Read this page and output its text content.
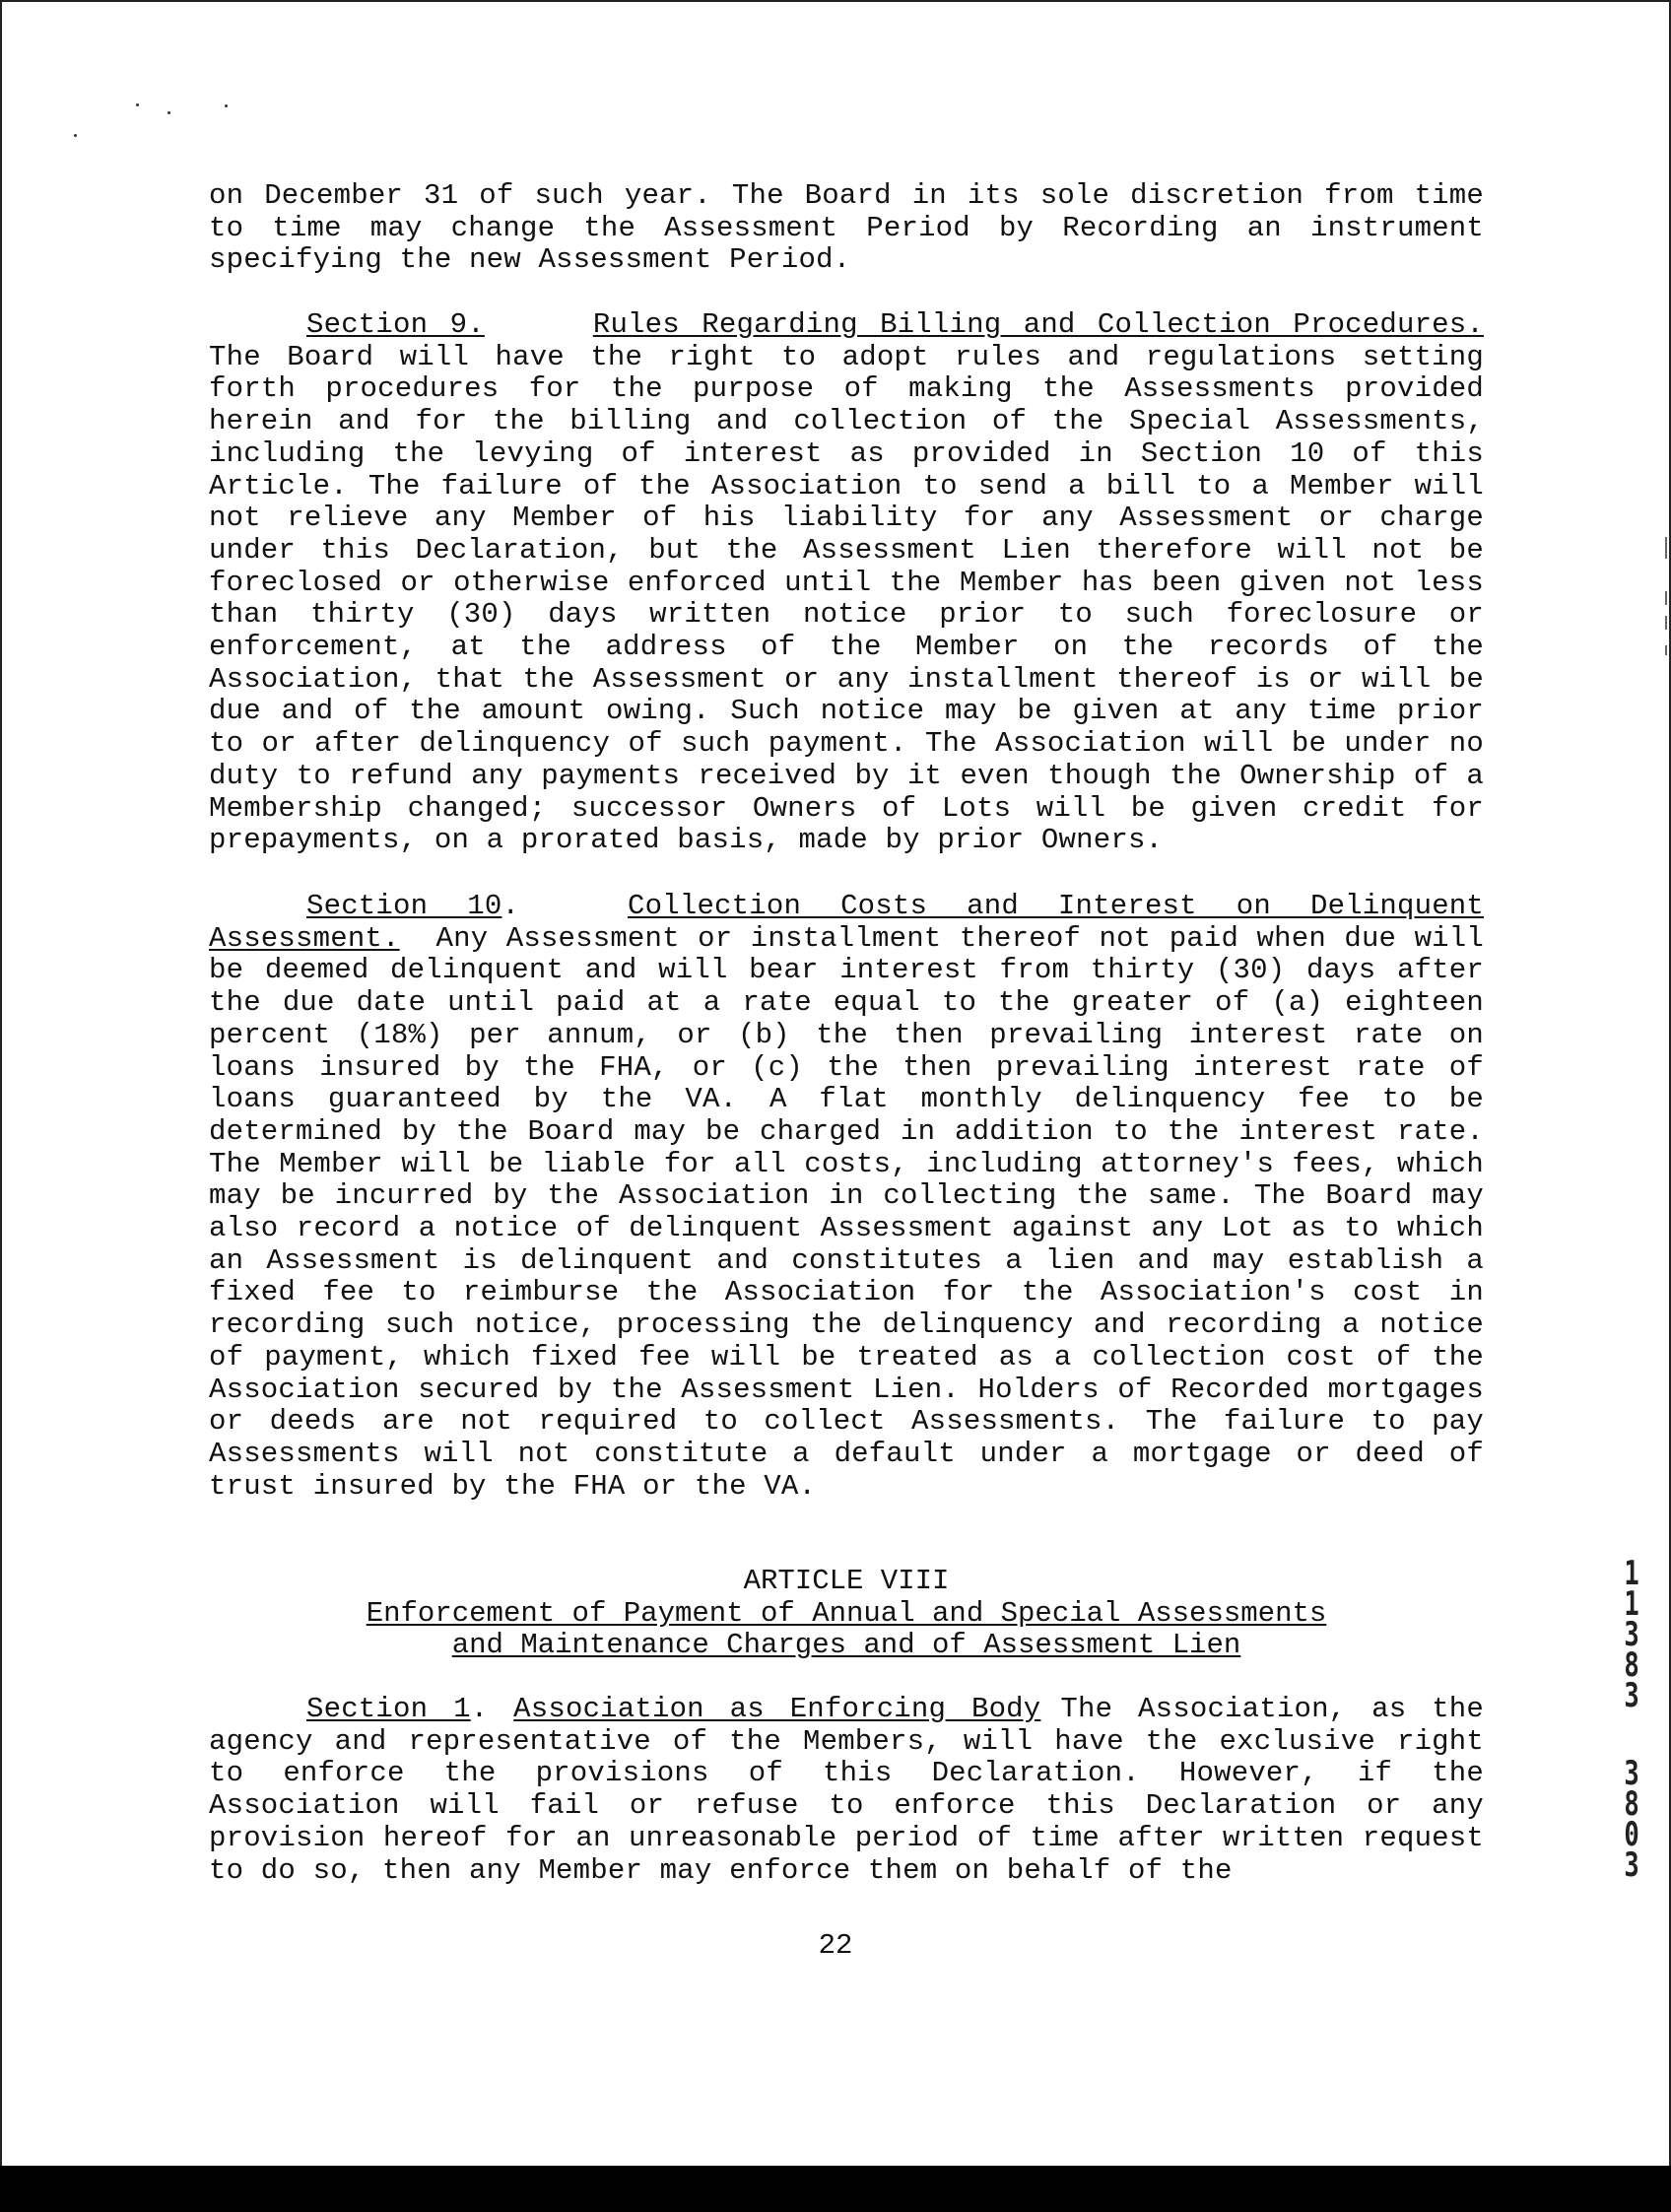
on December 31 of such year. The Board in its sole discretion from time to time may change the Assessment Period by Recording an instrument specifying the new Assessment Period.

Section 9.	Rules Regarding Billing and Collection Procedures. The Board will have the right to adopt rules and regulations setting forth procedures for the purpose of making the Assessments provided herein and for the billing and collection of the Special Assessments, including the levying of interest as provided in Section 10 of this Article. The failure of the Association to send a bill to a Member will not relieve any Member of his liability for any Assessment or charge under this Declaration, but the Assessment Lien therefore will not be foreclosed or otherwise enforced until the Member has been given not less than thirty (30) days written notice prior to such foreclosure or enforcement, at the address of the Member on the records of the Association, that the Assessment or any installment thereof is or will be due and of the amount owing. Such notice may be given at any time prior to or after delinquency of such payment. The Association will be under no duty to refund any payments received by it even though the Ownership of a Membership changed; successor Owners of Lots will be given credit for prepayments, on a prorated basis, made by prior Owners.

Section 10.	Collection Costs and Interest on Delinquent Assessment. Any Assessment or installment thereof not paid when due will be deemed delinquent and will bear interest from thirty (30) days after the due date until paid at a rate equal to the greater of (a) eighteen percent (18%) per annum, or (b) the then prevailing interest rate on loans insured by the FHA, or (c) the then prevailing interest rate of loans guaranteed by the VA. A flat monthly delinquency fee to be determined by the Board may be charged in addition to the interest rate. The Member will be liable for all costs, including attorney's fees, which may be incurred by the Association in collecting the same. The Board may also record a notice of delinquent Assessment against any Lot as to which an Assessment is delinquent and constitutes a lien and may establish a fixed fee to reimburse the Association for the Association's cost in recording such notice, processing the delinquency and recording a notice of payment, which fixed fee will be treated as a collection cost of the Association secured by the Assessment Lien. Holders of Recorded mortgages or deeds are not required to collect Assessments. The failure to pay Assessments will not constitute a default under a mortgage or deed of trust insured by the FHA or the VA.

ARTICLE VIII
Enforcement of Payment of Annual and Special Assessments
and Maintenance Charges and of Assessment Lien

Section 1. Association as Enforcing Body The Association, as the agency and representative of the Members, will have the exclusive right to enforce the provisions of this Declaration. However, if the Association will fail or refuse to enforce this Declaration or any provision hereof for an unreasonable period of time after written request to do so, then any Member may enforce them on behalf of the

22
1
1
3
8
3
3
8
0
3
